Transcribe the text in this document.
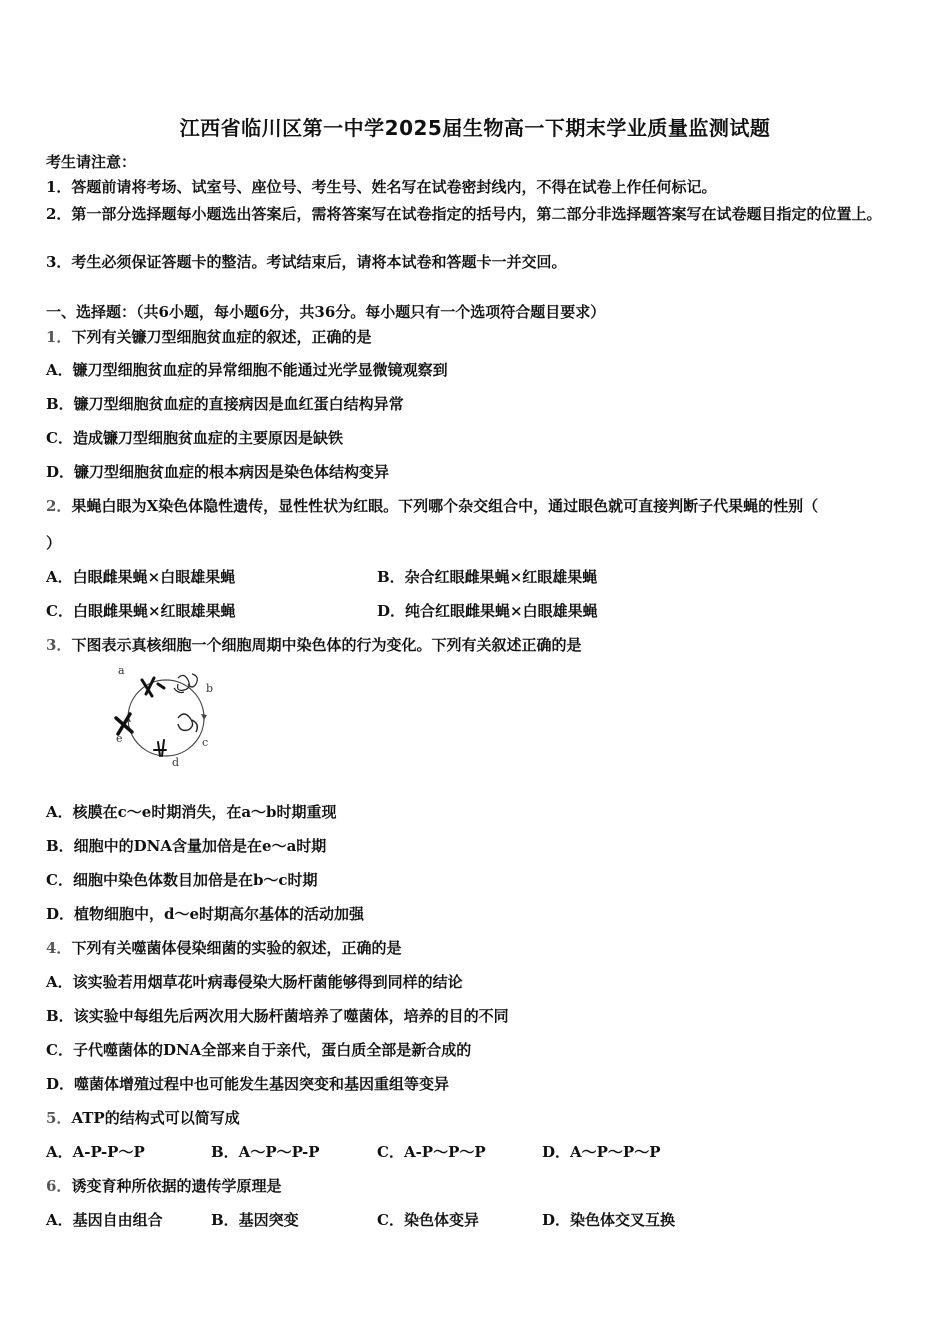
江西省临川区第一中学2025届生物高一下期末学业质量监测试题
考生请注意：
1．答题前请将考场、试室号、座位号、考生号、姓名写在试卷密封线内，不得在试卷上作任何标记。
2．第一部分选择题每小题选出答案后，需将答案写在试卷指定的括号内，第二部分非选择题答案写在试卷题目指定的位置上。
3．考生必须保证答题卡的整洁。考试结束后，请将本试卷和答题卡一并交回。
一、选择题：（共6小题，每小题6分，共36分。每小题只有一个选项符合题目要求）
1．下列有关镰刀型细胞贫血症的叙述，正确的是
A．镰刀型细胞贫血症的异常细胞不能通过光学显微镜观察到
B．镰刀型细胞贫血症的直接病因是血红蛋白结构异常
C．造成镰刀型细胞贫血症的主要原因是缺铁
D．镰刀型细胞贫血症的根本病因是染色体结构变异
2．果蝇白眼为X染色体隐性遗传，显性性状为红眼。下列哪个杂交组合中，通过眼色就可直接判断子代果蝇的性别（
）
A．白眼雌果蝇×白眼雄果蝇	B．杂合红眼雌果蝇×红眼雄果蝇
C．白眼雌果蝇×红眼雄果蝇	D．纯合红眼雌果蝇×白眼雄果蝇
3．下图表示真核细胞一个细胞周期中染色体的行为变化。下列有关叙述正确的是
a
b
c
d
e
A．核膜在c～e时期消失，在a～b时期重现
B．细胞中的DNA含量加倍是在e～a时期
C．细胞中染色体数目加倍是在b～c时期
D．植物细胞中，d～e时期高尔基体的活动加强
4．下列有关噬菌体侵染细菌的实验的叙述，正确的是
A．该实验若用烟草花叶病毒侵染大肠杆菌能够得到同样的结论
B．该实验中每组先后两次用大肠杆菌培养了噬菌体，培养的目的不同
C．子代噬菌体的DNA全部来自于亲代，蛋白质全部是新合成的
D．噬菌体增殖过程中也可能发生基因突变和基因重组等变异
5．ATP的结构式可以简写成
A．A-P-P～P	B．A～P～P-P	C．A-P～P～P	D．A～P～P～P
6．诱变育种所依据的遗传学原理是
A．基因自由组合	B．基因突变	C．染色体变异	D．染色体交叉互换
